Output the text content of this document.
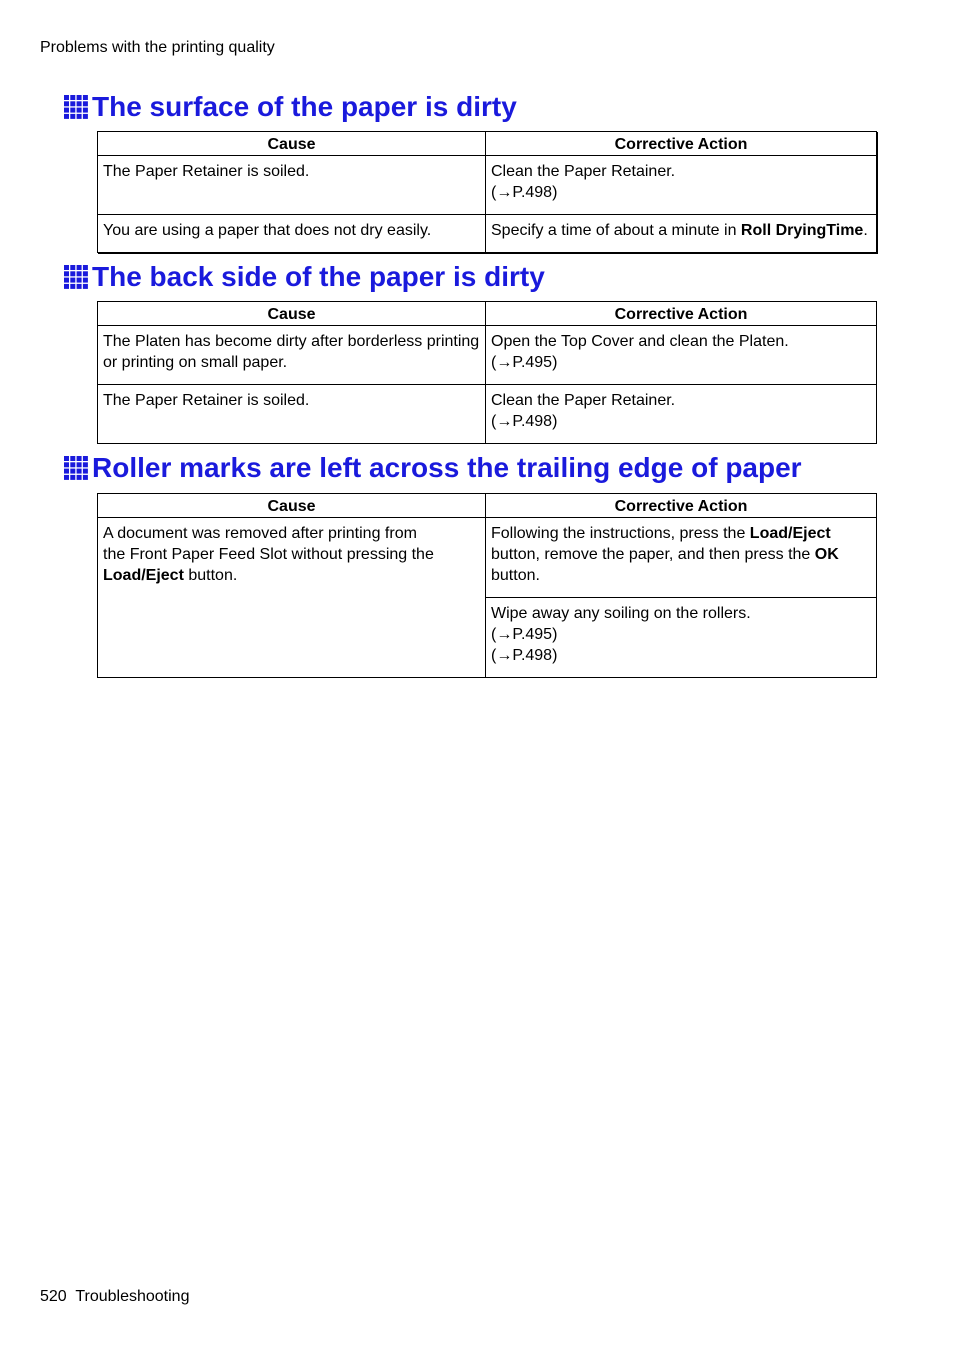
Problems with the printing quality
The surface of the paper is dirty
Cause	Corrective Action
The Paper Retainer is soiled.	Clean the Paper Retainer.
(→P.498)
You are using a paper that does not dry easily.	Specify a time of about a minute in Roll DryingTime.
The back side of the paper is dirty
Cause	Corrective Action
The Platen has become dirty after borderless printing
or printing on small paper.	Open the Top Cover and clean the Platen.
(→P.495)
The Paper Retainer is soiled.	Clean the Paper Retainer.
(→P.498)
Roller marks are left across the trailing edge of paper
Cause	Corrective Action
A document was removed after printing from
the Front Paper Feed Slot without pressing the
Load/Eject button.	Following the instructions, press the Load/Eject
button, remove the paper, and then press the OK
button.
	Wipe away any soiling on the rollers.
(→P.495)
(→P.498)
520 Troubleshooting
